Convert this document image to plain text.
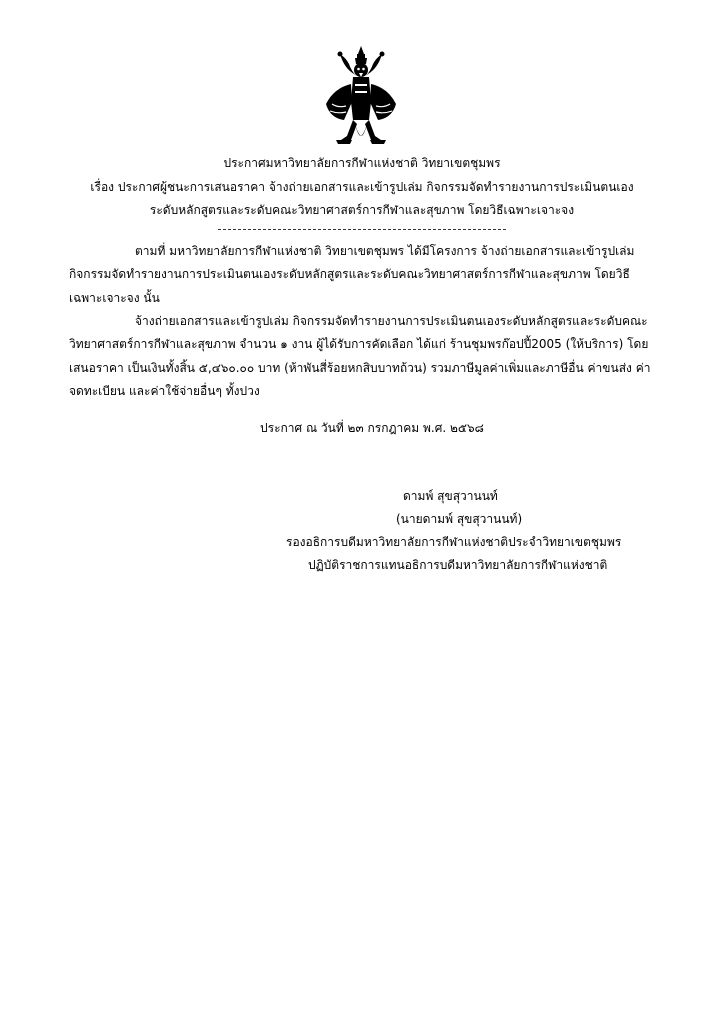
ประกาศมหาวิทยาลัยการกีฬาแห่งชาติ วิทยาเขตชุมพร
เรื่อง ประกาศผู้ชนะการเสนอราคา จ้างถ่ายเอกสารและเข้ารูปเล่ม กิจกรรมจัดทำรายงานการประเมินตนเอง
ระดับหลักสูตรและระดับคณะวิทยาศาสตร์การกีฬาและสุขภาพ โดยวิธีเฉพาะเจาะจง
ตามที่ มหาวิทยาลัยการกีฬาแห่งชาติ วิทยาเขตชุมพร ได้มีโครงการ จ้างถ่ายเอกสารและเข้ารูปเล่ม
กิจกรรมจัดทำรายงานการประเมินตนเองระดับหลักสูตรและระดับคณะวิทยาศาสตร์การกีฬาและสุขภาพ โดยวิธี
เฉพาะเจาะจง นั้น
จ้างถ่ายเอกสารและเข้ารูปเล่ม กิจกรรมจัดทำรายงานการประเมินตนเองระดับหลักสูตรและระดับคณะ
วิทยาศาสตร์การกีฬาและสุขภาพ จำนวน ๑ งาน ผู้ได้รับการคัดเลือก ได้แก่ ร้านชุมพรก๊อปปี้2005 (ให้บริการ) โดย
เสนอราคา เป็นเงินทั้งสิ้น ๕,๔๖๐.๐๐ บาท (ห้าพันสี่ร้อยหกสิบบาทถ้วน) รวมภาษีมูลค่าเพิ่มและภาษีอื่น ค่าขนส่ง ค่า
จดทะเบียน และค่าใช้จ่ายอื่นๆ ทั้งปวง
ประกาศ ณ วันที่ ๒๓ กรกฎาคม พ.ศ. ๒๕๖๘
ดามพ์ สุขสุวานนท์
(นายดามพ์ สุขสุวานนท์)
รองอธิการบดีมหาวิทยาลัยการกีฬาแห่งชาติประจำวิทยาเขตชุมพร
ปฏิบัติราชการแทนอธิการบดีมหาวิทยาลัยการกีฬาแห่งชาติ
